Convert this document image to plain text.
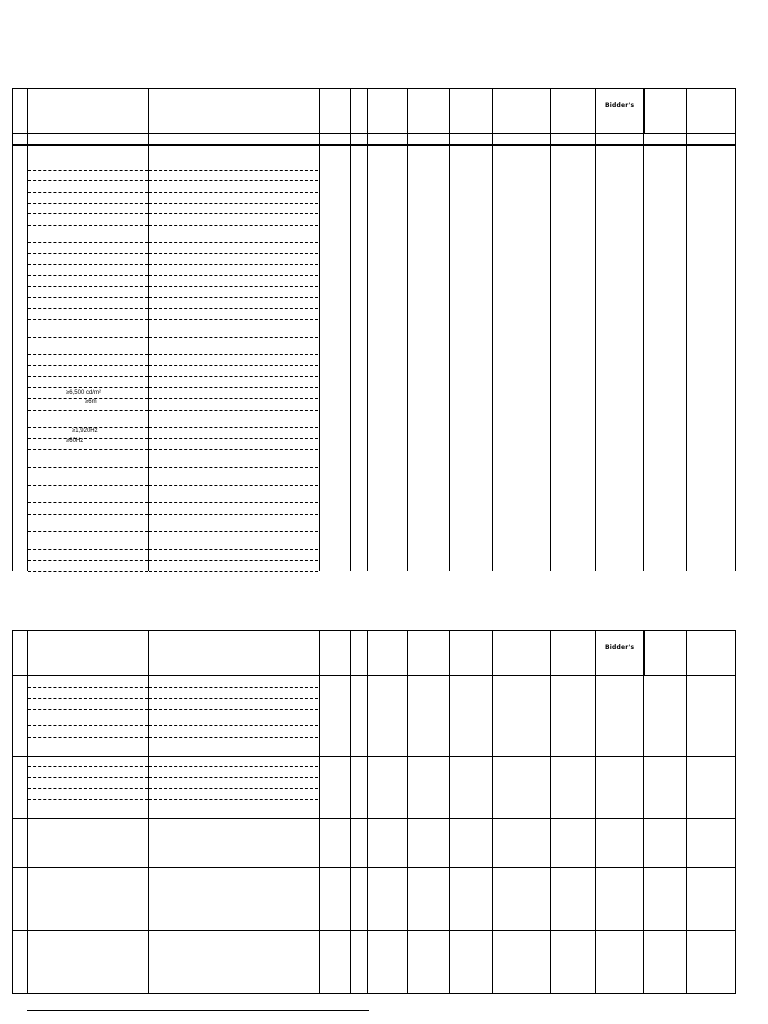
Bidder's
≥6,500 cd/m²
≥6m
≥1,920Hz
≥60Hz
Bidder's
